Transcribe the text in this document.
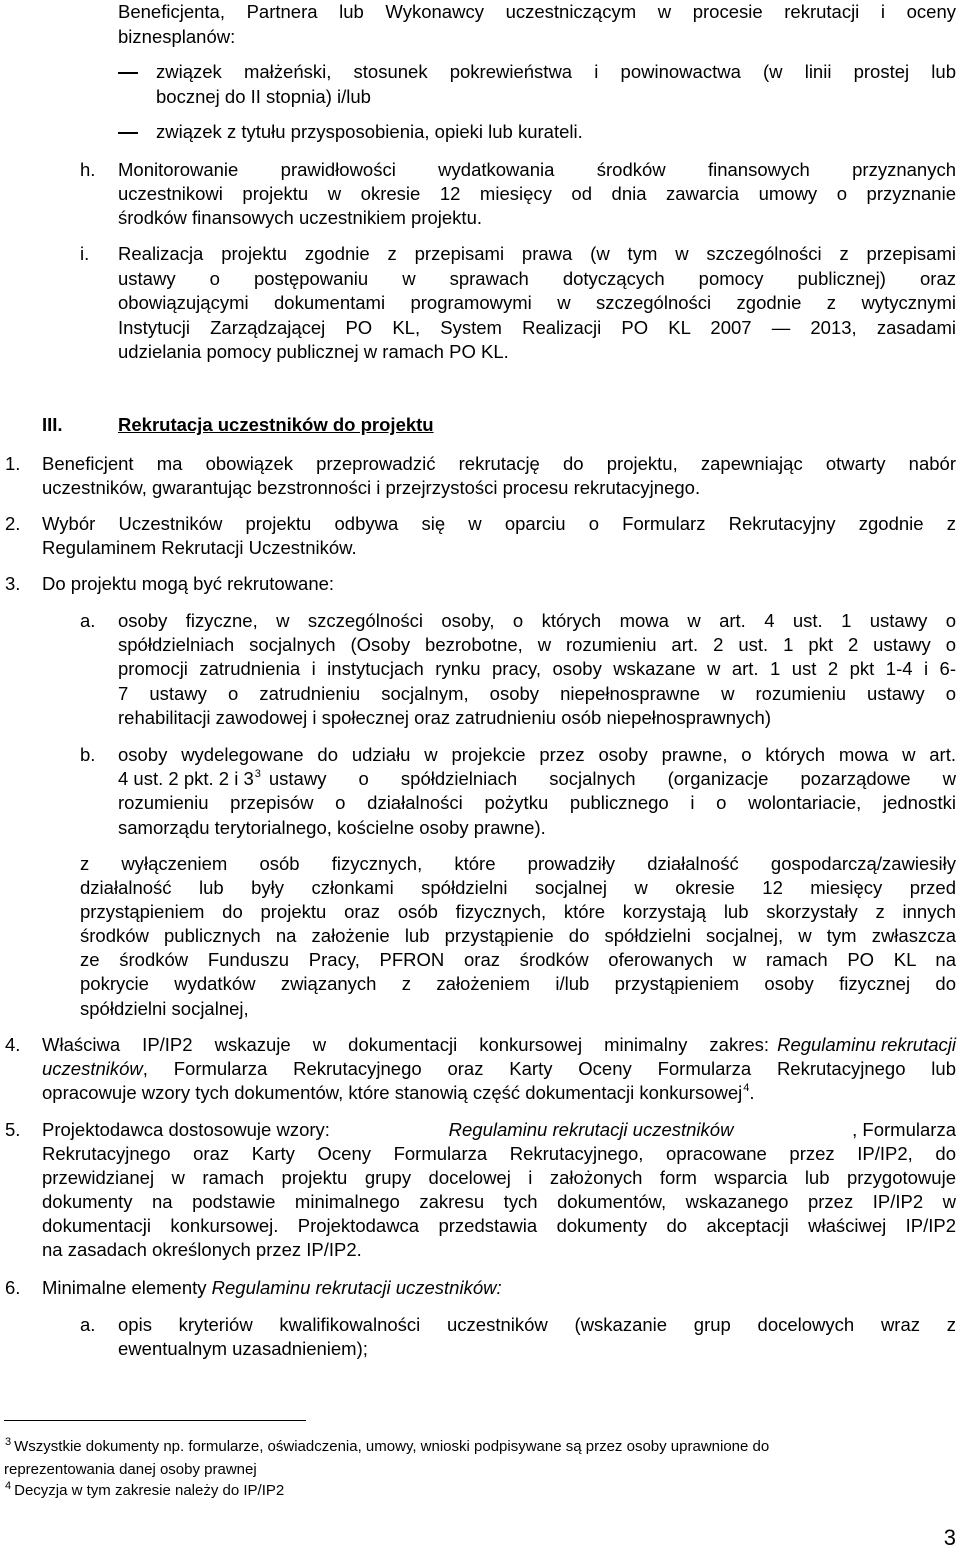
Beneficjenta, Partnera lub Wykonawcy uczestniczącym w procesie rekrutacji i oceny
biznesplanów:
związek małżeński, stosunek pokrewieństwa i powinowactwa (w linii prostej lub
bocznej do II stopnia) i/lub
związek z tytułu przysposobienia, opieki lub kurateli.
h. Monitorowanie prawidłowości wydatkowania środków finansowych przyznanych
uczestnikowi projektu w okresie 12 miesięcy od dnia zawarcia umowy o przyznanie
środków finansowych uczestnikiem projektu.
i. Realizacja projektu zgodnie z przepisami prawa (w tym w szczególności z przepisami
ustawy o postępowaniu w sprawach dotyczących pomocy publicznej) oraz
obowiązującymi dokumentami programowymi w szczególności zgodnie z wytycznymi
Instytucji Zarządzającej PO KL, System Realizacji PO KL 2007 — 2013, zasadami
udzielania pomocy publicznej w ramach PO KL.
III.	Rekrutacja uczestników do projektu
1. Beneficjent ma obowiązek przeprowadzić rekrutację do projektu, zapewniając otwarty nabór
uczestników, gwarantując bezstronności i przejrzystości procesu rekrutacyjnego.
2. Wybór Uczestników projektu odbywa się w oparciu o Formularz Rekrutacyjny zgodnie z
Regulaminem Rekrutacji Uczestników.
3. Do projektu mogą być rekrutowane:
a. osoby fizyczne, w szczególności osoby, o których mowa w art. 4 ust. 1 ustawy o
spółdzielniach socjalnych (Osoby bezrobotne, w rozumieniu art. 2 ust. 1 pkt 2 ustawy o
promocji zatrudnienia i instytucjach rynku pracy, osoby wskazane w art. 1 ust 2 pkt 1-4 i 6-
7 ustawy o zatrudnieniu socjalnym, osoby niepełnosprawne w rozumieniu ustawy o
rehabilitacji zawodowej i społecznej oraz zatrudnieniu osób niepełnosprawnych)
b. osoby wydelegowane do udziału w projekcie przez osoby prawne, o których mowa w art.
4 ust. 2 pkt. 2 i $3^3$ ustawy o spółdzielniach socjalnych (organizacje pozarządowe w
rozumieniu przepisów o działalności pożytku publicznego i o wolontariacie, jednostki
samorządu terytorialnego, kościelne osoby prawne).
z wyłączeniem osób fizycznych, które prowadziły działalność gospodarczą/zawiesiły
działalność lub były członkami spółdzielni socjalnej w okresie 12 miesięcy przed
przystąpieniem do projektu oraz osób fizycznych, które korzystają lub skorzystały z innych
środków publicznych na założenie lub przystąpienie do spółdzielni socjalnej, w tym zwłaszcza
ze środków Funduszu Pracy, PFRON oraz środków oferowanych w ramach PO KL na
pokrycie wydatków związanych z założeniem i/lub przystąpieniem osoby fizycznej do
spółdzielni socjalnej,
4. Właściwa IP/IP2 wskazuje w dokumentacji konkursowej minimalny zakres: Regulaminu rekrutacji
uczestników , Formularza Rekrutacyjnego oraz Karty Oceny Formularza Rekrutacyjnego lub
opracowuje wzory tych dokumentów, które stanowią część dokumentacji konkursowej$^4$.
5. Projektodawca dostosowuje wzory:	Regulaminu rekrutacji uczestników	, Formularza
Rekrutacyjnego oraz Karty Oceny Formularza Rekrutacyjnego, opracowane przez IP/IP2, do
przewidzianej w ramach projektu grupy docelowej i założonych form wsparcia lub przygotowuje
dokumenty na podstawie minimalnego zakresu tych dokumentów, wskazanego przez IP/IP2 w
dokumentacji konkursowej. Projektodawca przedstawia dokumenty do akceptacji właściwej IP/IP2
na zasadach określonych przez IP/IP2.
6. Minimalne elementy Regulaminu rekrutacji uczestników:
a. opis kryteriów kwalifikowalności uczestników (wskazanie grup docelowych wraz z
ewentualnym uzasadnieniem);
$^3$ Wszystkie dokumenty np. formularze, oświadczenia, umowy, wnioski podpisywane są przez osoby uprawnione do
reprezentowania danej osoby prawnej
$^4$ Decyzja w tym zakresie należy do IP/IP2
3
